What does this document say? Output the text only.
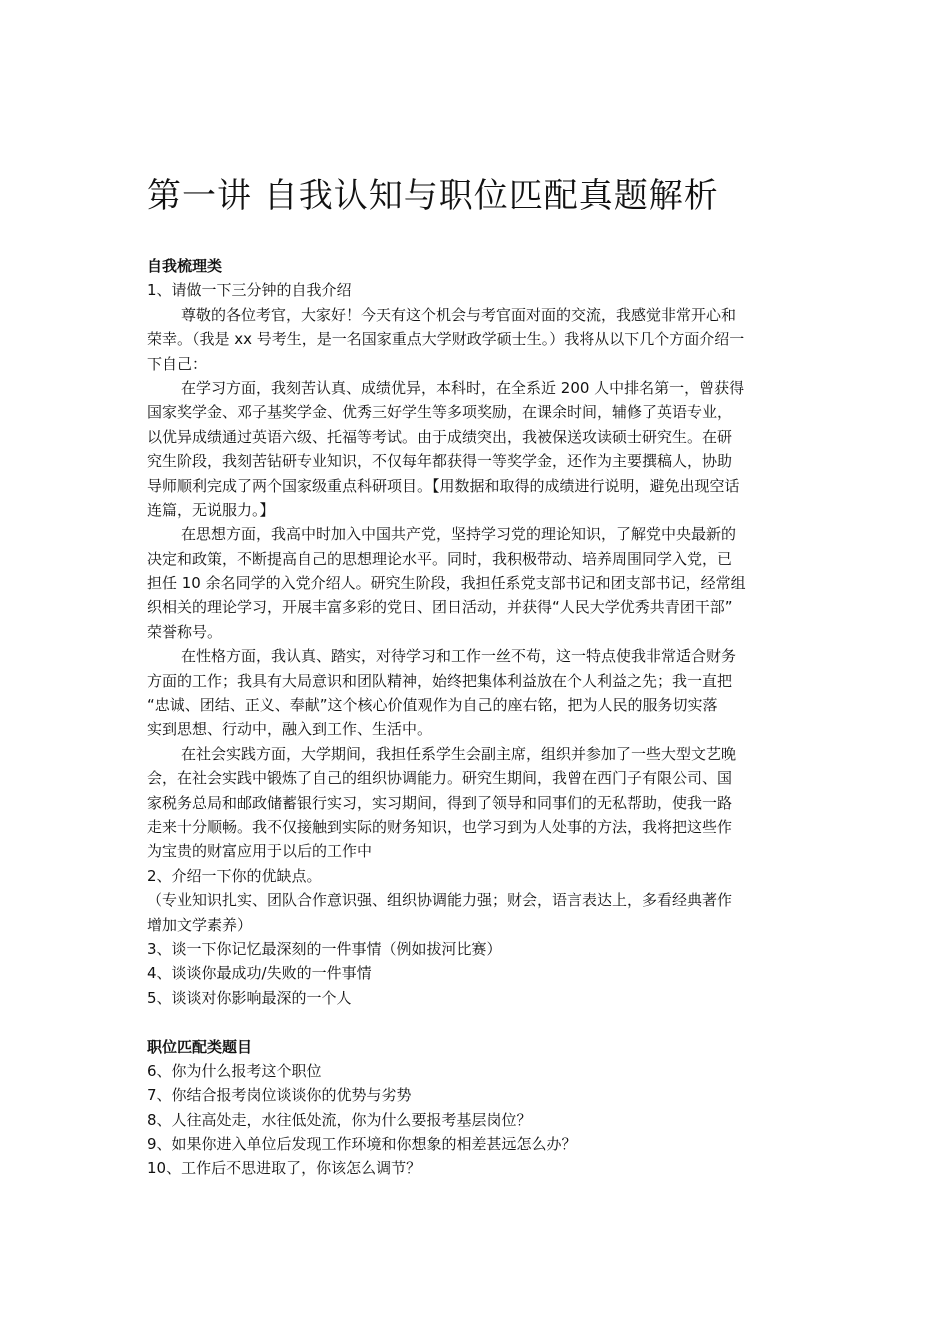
第一讲 自我认知与职位匹配真题解析
自我梳理类
1、请做一下三分钟的自我介绍
尊敬的各位考官，大家好！今天有这个机会与考官面对面的交流，我感觉非常开心和
荣幸。（我是 xx 号考生，是一名国家重点大学财政学硕士生。）我将从以下几个方面介绍一
下自己：
在学习方面，我刻苦认真、成绩优异，本科时，在全系近 200 人中排名第一，曾获得
国家奖学金、邓子基奖学金、优秀三好学生等多项奖励，在课余时间，辅修了英语专业，
以优异成绩通过英语六级、托福等考试。由于成绩突出，我被保送攻读硕士研究生。在研
究生阶段，我刻苦钻研专业知识，不仅每年都获得一等奖学金，还作为主要撰稿人，协助
导师顺利完成了两个国家级重点科研项目。【用数据和取得的成绩进行说明，避免出现空话
连篇，无说服力。】
在思想方面，我高中时加入中国共产党，坚持学习党的理论知识，了解党中央最新的
决定和政策，不断提高自己的思想理论水平。同时，我积极带动、培养周围同学入党，已
担任 10 余名同学的入党介绍人。研究生阶段，我担任系党支部书记和团支部书记，经常组
织相关的理论学习，开展丰富多彩的党日、团日活动，并获得“人民大学优秀共青团干部”
荣誉称号。
在性格方面，我认真、踏实，对待学习和工作一丝不苟，这一特点使我非常适合财务
方面的工作；我具有大局意识和团队精神，始终把集体利益放在个人利益之先；我一直把
“忠诚、团结、正义、奉献”这个核心价值观作为自己的座右铭，把为人民的服务切实落
实到思想、行动中，融入到工作、生活中。
在社会实践方面，大学期间，我担任系学生会副主席，组织并参加了一些大型文艺晚
会，在社会实践中锻炼了自己的组织协调能力。研究生期间，我曾在西门子有限公司、国
家税务总局和邮政储蓄银行实习，实习期间，得到了领导和同事们的无私帮助，使我一路
走来十分顺畅。我不仅接触到实际的财务知识，也学习到为人处事的方法，我将把这些作
为宝贵的财富应用于以后的工作中
2、介绍一下你的优缺点。
（专业知识扎实、团队合作意识强、组织协调能力强；财会，语言表达上，多看经典著作
增加文学素养）
3、谈一下你记忆最深刻的一件事情（例如拔河比赛）
4、谈谈你最成功/失败的一件事情
5、谈谈对你影响最深的一个人
职位匹配类题目
6、你为什么报考这个职位
7、你结合报考岗位谈谈你的优势与劣势
8、人往高处走，水往低处流，你为什么要报考基层岗位？
9、如果你进入单位后发现工作环境和你想象的相差甚远怎么办？
10、工作后不思进取了，你该怎么调节？
